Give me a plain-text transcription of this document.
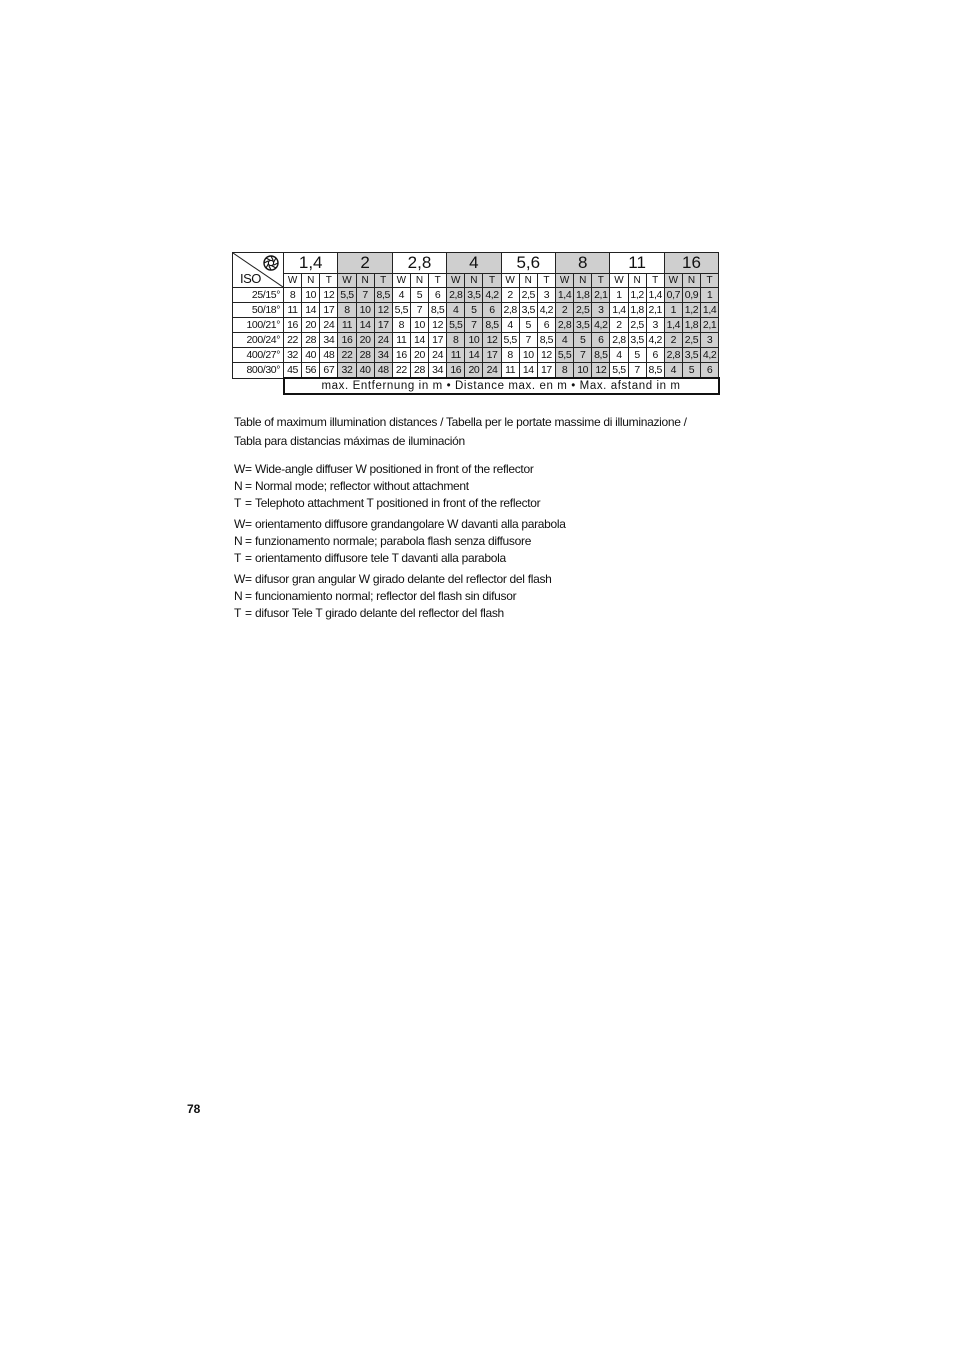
ISO	1,4			2			2,8			4			5,6			8			11			16		
	W	N	T	W	N	T	W	N	T	W	N	T	W	N	T	W	N	T	W	N	T	W	N	T
25/15°	8	10	12	5,5	7	8,5	4	5	6	2,8	3,5	4,2	2	2,5	3	1,4	1,8	2,1	1	1,2	1,4	0,7	0,9	1
50/18°	11	14	17	8	10	12	5,5	7	8,5	4	5	6	2,8	3,5	4,2	2	2,5	3	1,4	1,8	2,1	1	1,2	1,4
100/21°	16	20	24	11	14	17	8	10	12	5,5	7	8,5	4	5	6	2,8	3,5	4,2	2	2,5	3	1,4	1,8	2,1
200/24°	22	28	34	16	20	24	11	14	17	8	10	12	5,5	7	8,5	4	5	6	2,8	3,5	4,2	2	2,5	3
400/27°	32	40	48	22	28	34	16	20	24	11	14	17	8	10	12	5,5	7	8,5	4	5	6	2,8	3,5	4,2
800/30°	45	56	67	32	40	48	22	28	34	16	20	24	11	14	17	8	10	12	5,5	7	8,5	4	5	6
	max. Entfernung in m • Distance max. en m • Max. afstand in m																							
Table of maximum illumination distances / Tabella per le portate massime di illuminazione /
Tabla para distancias máximas de iluminación
W = Wide-angle diffuser W positioned in front of the reflector
N = Normal mode; reflector without attachment
T = Telephoto attachment T positioned in front of the reflector
W = orientamento diffusore grandangolare W davanti alla parabola
N = funzionamento normale; parabola flash senza diffusore
T = orientamento diffusore tele T davanti alla parabola
W = difusor gran angular W girado delante del reflector del flash
N = funcionamiento normal; reflector del flash sin difusor
T = difusor Tele T girado delante del reflector del flash
78
